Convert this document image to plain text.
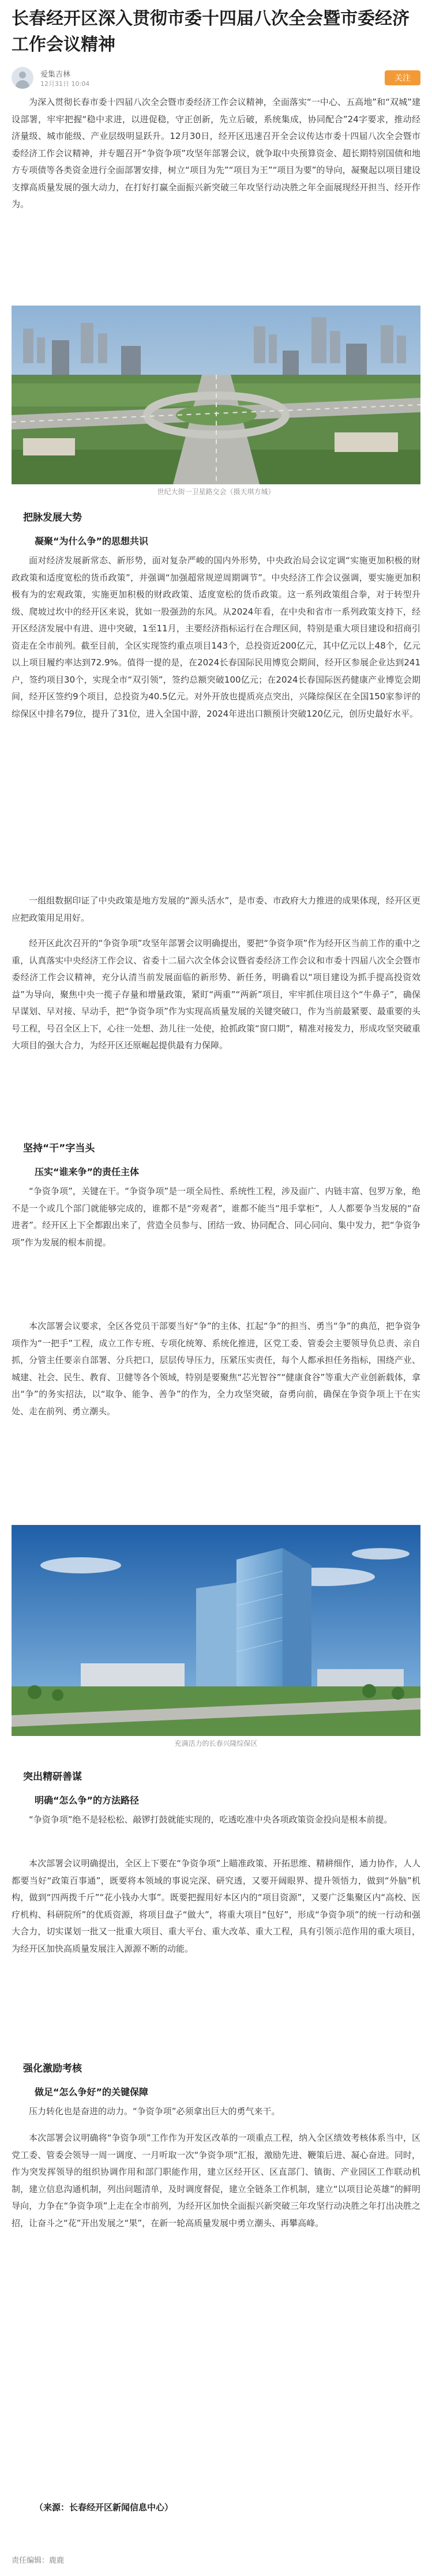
长春经开区深入贯彻市委十四届八次全会暨市委经济工作会议精神
爱集吉林
12月31日 10:04
关注

为深入贯彻长春市委十四届八次全会暨市委经济工作会议精神，全面落实“一中心、五高地”和“双城”建设部署，牢牢把握“稳中求进，以进促稳，守正创新，先立后破，系统集成，协同配合”24字要求，推动经济量级、城市能级、产业层级明显跃升。12月30日，经开区迅速召开全会议传达市委十四届八次全会暨市委经济工作会议精神，并专题召开“争资争项”攻坚年部署会议，就争取中央预算资金、超长期特别国债和地方专项债等各类资金进行全面部署安排，树立“项目为先”“项目为王”“项目为要”的导向，凝聚起以项目建设支撑高质量发展的强大动力，在打好打赢全面振兴新突破三年攻坚行动决胜之年全面展现经开担当、经开作为。

世纪大街一卫星路交会（摄天琪方城）
把脉发展大势
凝聚“为什么争”的思想共识

面对经济发展新常态、新形势，面对复杂严峻的国内外形势，中央政治局会议定调“实施更加积极的财政政策和适度宽松的货币政策”，并强调“加强超常规逆周期调节”。中央经济工作会议强调，要实施更加积极有为的宏观政策，实施更加积极的财政政策、适度宽松的货币政策。这一系列政策组合拳，对于转型升级、爬坡过坎中的经开区来说，犹如一股强劲的东风。从2024年看，在中央和省市一系列政策支持下，经开区经济发展中有进、进中突破，1至11月，主要经济指标运行在合理区间，特别是重大项目建设和招商引资走在全市前列。截至目前，全区实现签约重点项目143个，总投资近200亿元，其中亿元以上48个，亿元以上项目履约率达到72.9%。值得一提的是，在2024长春国际民用博览会期间，经开区参展企业达到241户，签约项目30个，实现全市“双引领”，签约总额突破100亿元；在2024长春国际医药健康产业博览会期间，经开区签约9个项目，总投资为40.5亿元。对外开放也提质亮点突出，兴隆综保区在全国150家参评的综保区中排名79位，提升了31位，进入全国中游，2024年进出口额预计突破120亿元，创历史最好水平。

一组组数据印证了中央政策是地方发展的“源头活水”，是市委、市政府大力推进的成果体现，经开区更应把政策用足用好。

经开区此次召开的“争资争项”攻坚年部署会议明确提出，要把“争资争项”作为经开区当前工作的重中之重，认真落实中央经济工作会议、省委十二届六次全体会议暨省委经济工作会议和市委十四届八次全会暨市委经济工作会议精神，充分认清当前发展面临的新形势、新任务，明确看以“项目建设为抓手提高投资效益”为导向，聚焦中央一揽子存量和增量政策，紧盯“两重”“两新”项目，牢牢抓住项目这个“牛鼻子”，确保早谋划、早对接、早动手，把“争资争项”作为实现高质量发展的关键突破口，作为当前最紧要、最重要的头号工程，号召全区上下，心往一处想、劲儿往一处使，抢抓政策“窗口期”，精准对接发力，形成攻坚突破重大项目的强大合力，为经开区还原崛起提供最有力保障。

坚持“干”字当头
压实“谁来争”的责任主体

“争资争项”，关键在干。“争资争项”是一项全局性、系统性工程，涉及面广、内链丰富、包罗万象，绝不是一个或几个部门就能够完成的，谁都不是“旁观者”，谁都不能当“甩手掌柜”，人人都要争当发展的“奋进者”。经开区上下全都跟出来了，营造全员参与、团结一致、协同配合、同心同向、集中发力，把“争资争项”作为发展的根本前提。

本次部署会议要求，全区各党员干部要当好“争”的主体、扛起“争”的担当、勇当“争”的典范，把争资争项作为“一把手”工程，成立工作专班、专项化统筹、系统化推进，区党工委、管委会主要领导负总责、亲自抓，分管主任要亲自部署、分兵把口，层层传导压力，压紧压实责任，每个人都承担任务指标，围绕产业、城建、社会、民生、教育、卫健等各个领域，特别是要聚焦“芯光智谷”“健康食谷”等重大产业创新载体，拿出“争”的务实招法，以“取争、能争、善争”的作为，全力攻坚突破，奋勇向前，确保在争资争项上干在实处、走在前列、勇立潮头。

充满活力的长春兴隆综保区
突出精研善谋
明确“怎么争”的方法路径

“争资争项”绝不是轻松松、敲锣打鼓就能实现的，吃透吃准中央各项政策资金投向是根本前提。

本次部署会议明确提出，全区上下要在“争资争项”上瞄准政策、开拓思维、精耕细作，通力协作，人人都要当好“政策百事通”，既要将本领域的事说完深、研究透，又要开阔眼界、提升领悟力，做到“外脑”机构，做到“四两拨千斤”“花小钱办大事”。既要把握用好本区内的“项目资源”，又要广泛集聚区内“高校、医疗机构、科研院所”的优质资源，将项目盘子“做大”，将重大项目“包好”，形成“争资争项”的统一行动和强大合力，切实谋划一批又一批重大项目、重大平台、重大改革、重大工程，具有引领示范作用的重大项目，为经开区加快高质量发展注入源源不断的动能。

强化激励考核
做足“怎么争好”的关键保障

压力转化也是奋进的动力。“争资争项”必须拿出巨大的勇气来干。

本次部署会议明确将“争资争项”工作作为开发区改革的一项重点工程，纳入全区绩效考核体系当中，区党工委、管委会领导一周一调度、一月听取一次“争资争项”汇报，激励先进、鞭策后进、凝心奋进。同时，作为突发挥领导的组织协调作用和部门职能作用，建立区经开区、区直部门、镇街、产业园区工作联动机制，建立信息沟通机制，列出问题清单，及时调度督促，建立全链条工作机制，建立“以项目论英雄”的鲜明导向，力争在“争资争项”上走在全市前列，为经开区加快全面振兴新突破三年攻坚行动决胜之年打出决胜之招，让奋斗之“花”开出发展之“果”，在新一轮高质量发展中勇立潮头、再攀高峰。

（来源：长春经开区新闻信息中心）
责任编辑：鹿鹿
